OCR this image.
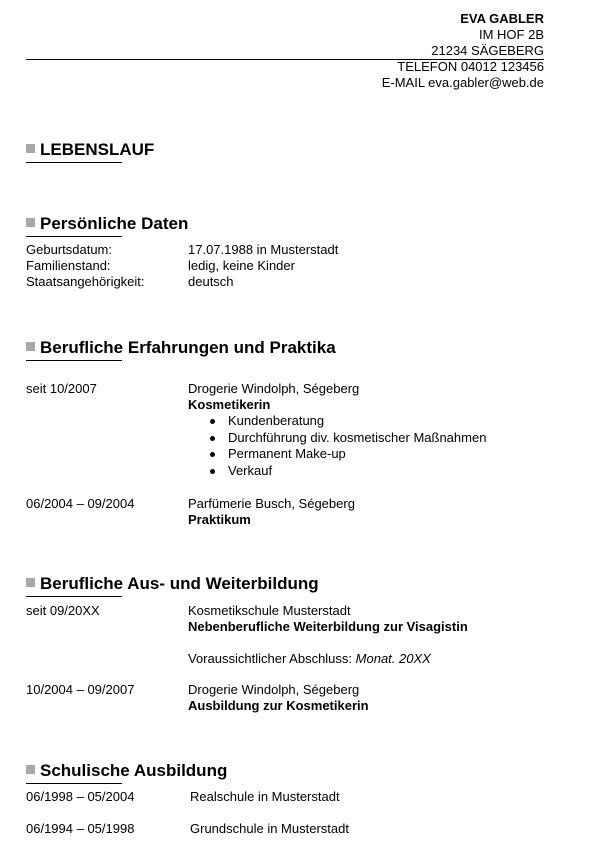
EVA GABLER
IM HOF 2B
21234 SÄGEBERG
TELEFON 04012 123456
E-MAIL eva.gabler@web.de
LEBENSLAUF
Persönliche Daten
Geburtsdatum:	17.07.1988 in Musterstadt
Familienstand:	ledig, keine Kinder
Staatsangehörigkeit:	deutsch
Berufliche Erfahrungen und Praktika
seit 10/2007	Drogerie Windolph, Ségeberg
Kosmetikerin
Kundenberatung
Durchführung div. kosmetischer Maßnahmen
Permanent Make-up
Verkauf
06/2004 – 09/2004	Parfümerie Busch, Ségeberg
Praktikum
Berufliche Aus- und Weiterbildung
seit 09/20XX	Kosmetikschule Musterstadt
Nebenberufliche Weiterbildung zur Visagistin
Voraussichtlicher Abschluss: Monat. 20XX
10/2004 – 09/2007	Drogerie Windolph, Ségeberg
Ausbildung zur Kosmetikerin
Schulische Ausbildung
06/1998 – 05/2004	Realschule in Musterstadt
06/1994 – 05/1998	Grundschule in Musterstadt
